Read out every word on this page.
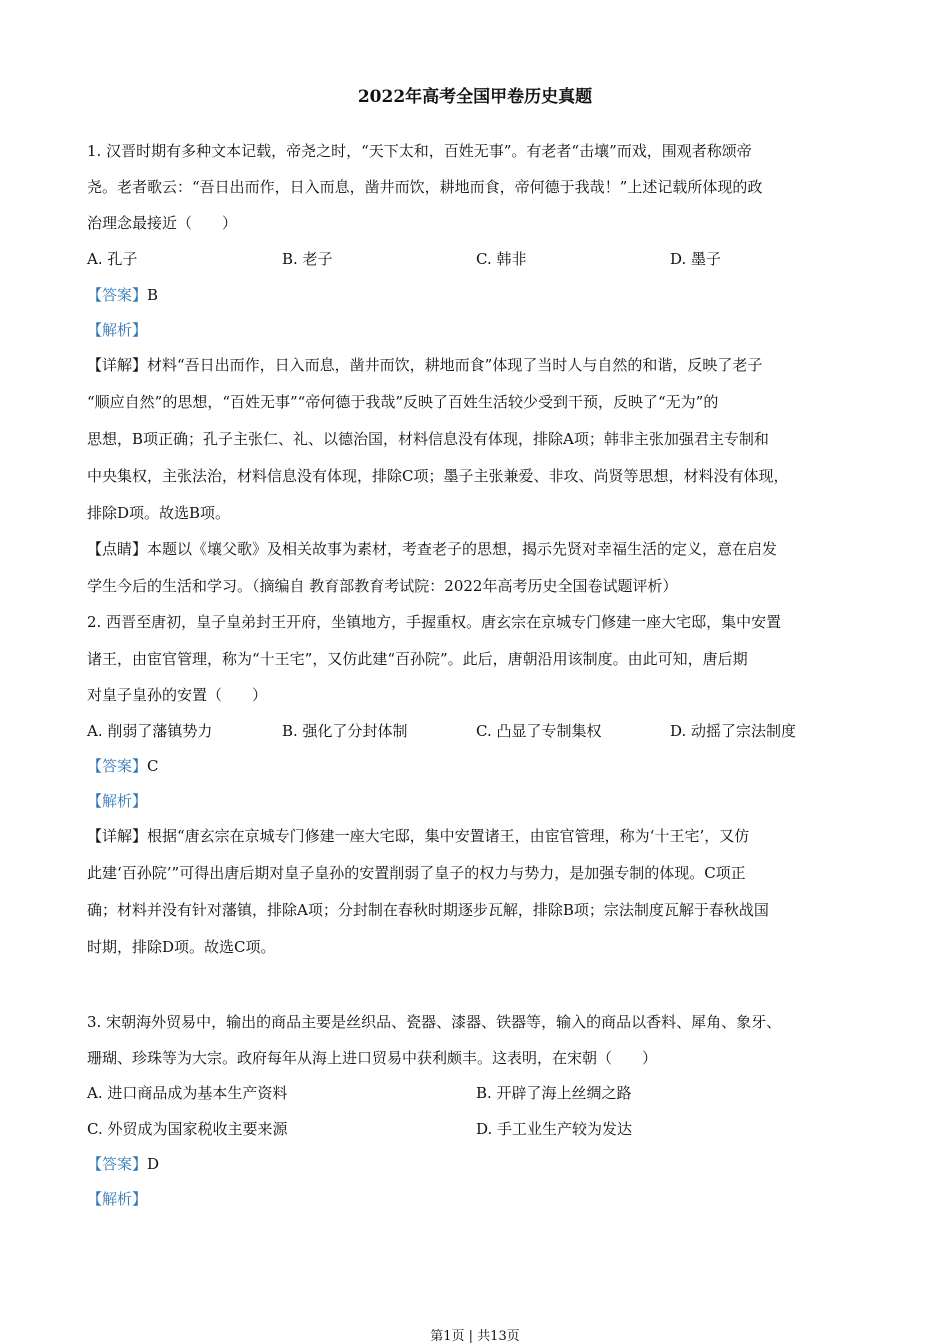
2022年高考全国甲卷历史真题
1. 汉晋时期有多种文本记载，帝尧之时，“天下太和，百姓无事”。有老者“击壤”而戏，围观者称颂帝
尧。老者歌云：“吾日出而作，日入而息，凿井而饮，耕地而食，帝何德于我哉！”上述记载所体现的政
治理念最接近（　　）
A. 孔子	B. 老子	C. 韩非	D. 墨子
【答案】B
【解析】
【详解】材料“吾日出而作，日入而息，凿井而饮，耕地而食”体现了当时人与自然的和谐，反映了老子
“顺应自然”的思想，“百姓无事”“帝何德于我哉”反映了百姓生活较少受到干预，反映了“无为”的
思想，B项正确；孔子主张仁、礼、以德治国，材料信息没有体现，排除A项；韩非主张加强君主专制和
中央集权，主张法治，材料信息没有体现，排除C项；墨子主张兼爱、非攻、尚贤等思想，材料没有体现，
排除D项。故选B项。
【点睛】本题以《壤父歌》及相关故事为素材，考查老子的思想，揭示先贤对幸福生活的定义，意在启发
学生今后的生活和学习。（摘编自 教育部教育考试院：2022年高考历史全国卷试题评析）
2. 西晋至唐初，皇子皇弟封王开府，坐镇地方，手握重权。唐玄宗在京城专门修建一座大宅邸，集中安置
诸王，由宦官管理，称为“十王宅”，又仿此建“百孙院”。此后，唐朝沿用该制度。由此可知，唐后期
对皇子皇孙的安置（　　）
A. 削弱了藩镇势力	B. 强化了分封体制	C. 凸显了专制集权	D. 动摇了宗法制度
【答案】C
【解析】
【详解】根据“唐玄宗在京城专门修建一座大宅邸，集中安置诸王，由宦官管理，称为‘十王宅’，又仿
此建‘百孙院’”可得出唐后期对皇子皇孙的安置削弱了皇子的权力与势力，是加强专制的体现。C项正
确；材料并没有针对藩镇，排除A项；分封制在春秋时期逐步瓦解，排除B项；宗法制度瓦解于春秋战国
时期，排除D项。故选C项。
3. 宋朝海外贸易中，输出的商品主要是丝织品、瓷器、漆器、铁器等，输入的商品以香料、犀角、象牙、
珊瑚、珍珠等为大宗。政府每年从海上进口贸易中获利颇丰。这表明，在宋朝（　　）
A. 进口商品成为基本生产资料	B. 开辟了海上丝绸之路
C. 外贸成为国家税收主要来源	D. 手工业生产较为发达
【答案】D
【解析】
第1页 | 共13页
